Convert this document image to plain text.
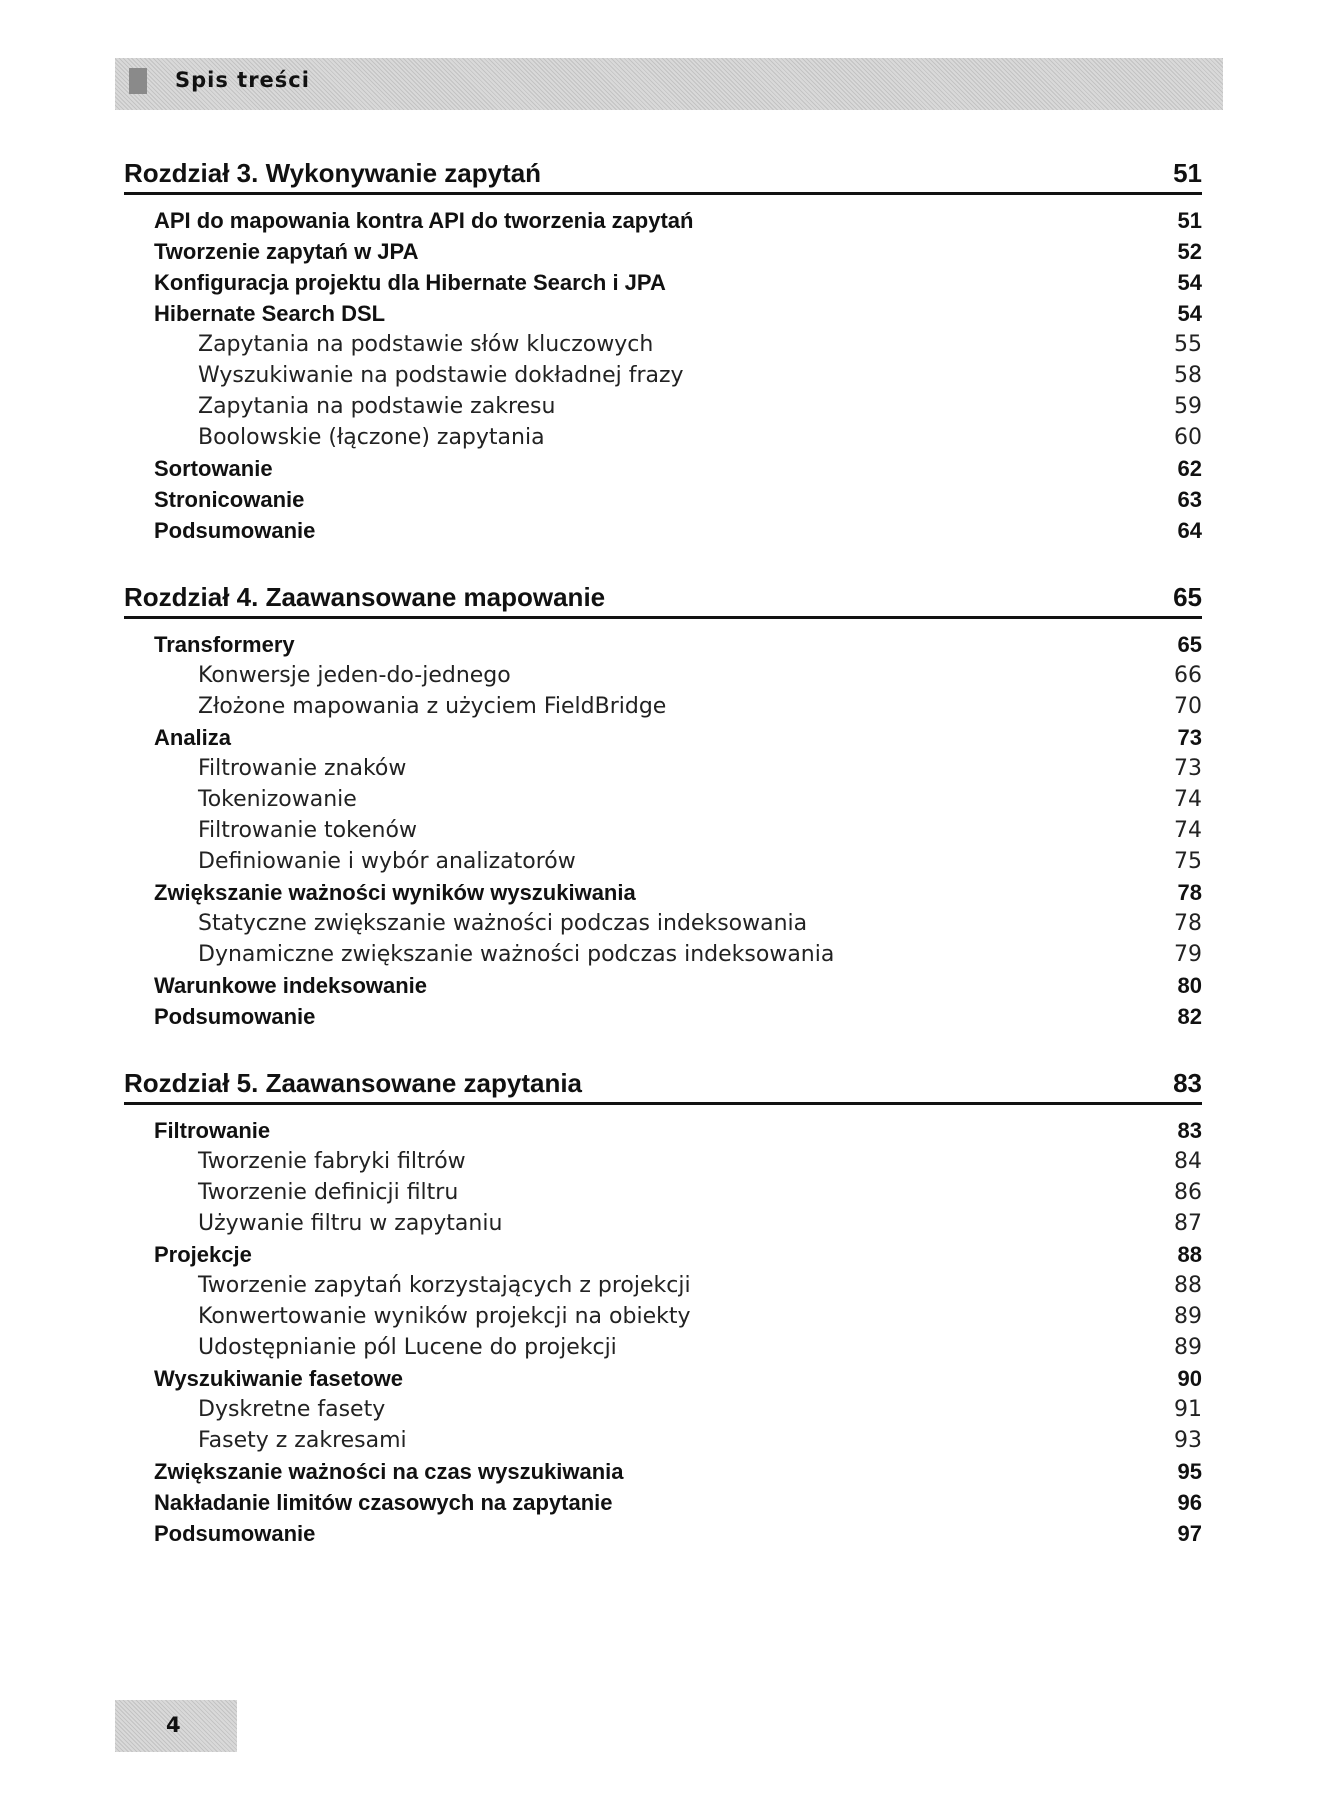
Spis treści
Rozdział 3. Wykonywanie zapytań	51
API do mapowania kontra API do tworzenia zapytań	51
Tworzenie zapytań w JPA	52
Konfiguracja projektu dla Hibernate Search i JPA	54
Hibernate Search DSL	54
Zapytania na podstawie słów kluczowych	55
Wyszukiwanie na podstawie dokładnej frazy	58
Zapytania na podstawie zakresu	59
Boolowskie (łączone) zapytania	60
Sortowanie	62
Stronicowanie	63
Podsumowanie	64
Rozdział 4. Zaawansowane mapowanie	65
Transformery	65
Konwersje jeden-do-jednego	66
Złożone mapowania z użyciem FieldBridge	70
Analiza	73
Filtrowanie znaków	73
Tokenizowanie	74
Filtrowanie tokenów	74
Definiowanie i wybór analizatorów	75
Zwiększanie ważności wyników wyszukiwania	78
Statyczne zwiększanie ważności podczas indeksowania	78
Dynamiczne zwiększanie ważności podczas indeksowania	79
Warunkowe indeksowanie	80
Podsumowanie	82
Rozdział 5. Zaawansowane zapytania	83
Filtrowanie	83
Tworzenie fabryki filtrów	84
Tworzenie definicji filtru	86
Używanie filtru w zapytaniu	87
Projekcje	88
Tworzenie zapytań korzystających z projekcji	88
Konwertowanie wyników projekcji na obiekty	89
Udostępnianie pól Lucene do projekcji	89
Wyszukiwanie fasetowe	90
Dyskretne fasety	91
Fasety z zakresami	93
Zwiększanie ważności na czas wyszukiwania	95
Nakładanie limitów czasowych na zapytanie	96
Podsumowanie	97
4
